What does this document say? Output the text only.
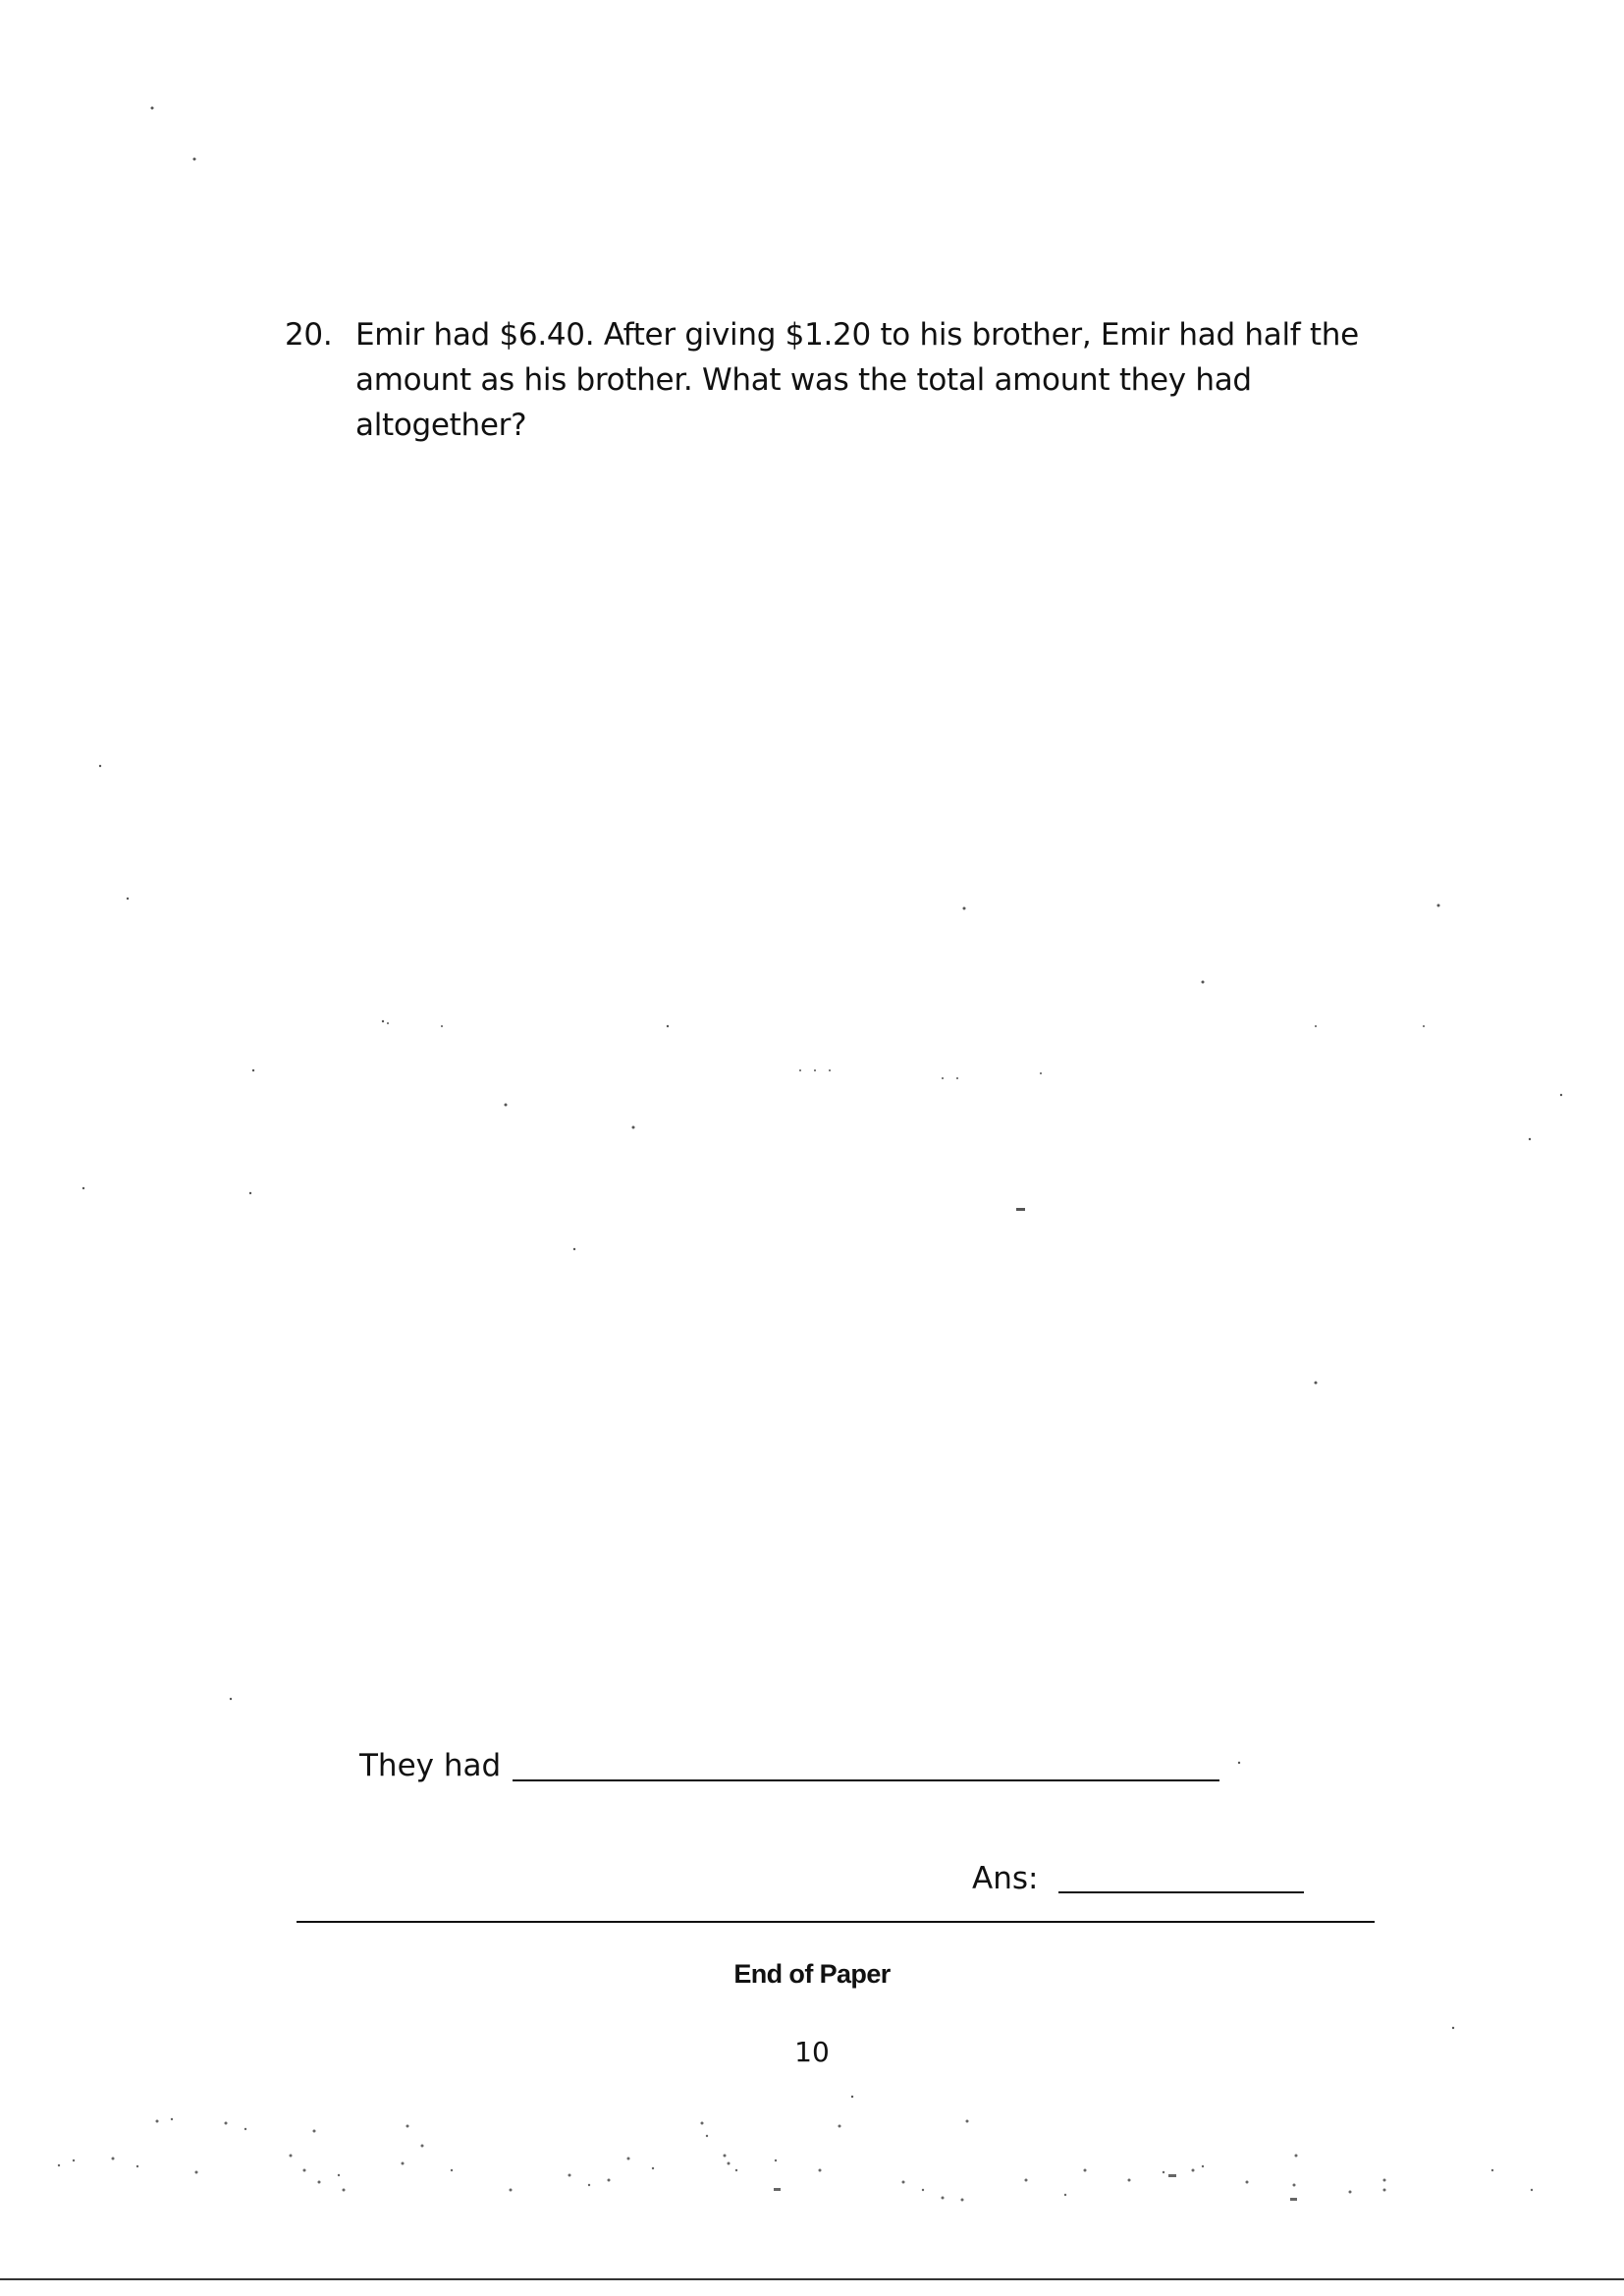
20. Emir had $6.40. After giving $1.20 to his brother, Emir had half the amount as his brother. What was the total amount they had altogether?
They had
Ans:
End of Paper
10
